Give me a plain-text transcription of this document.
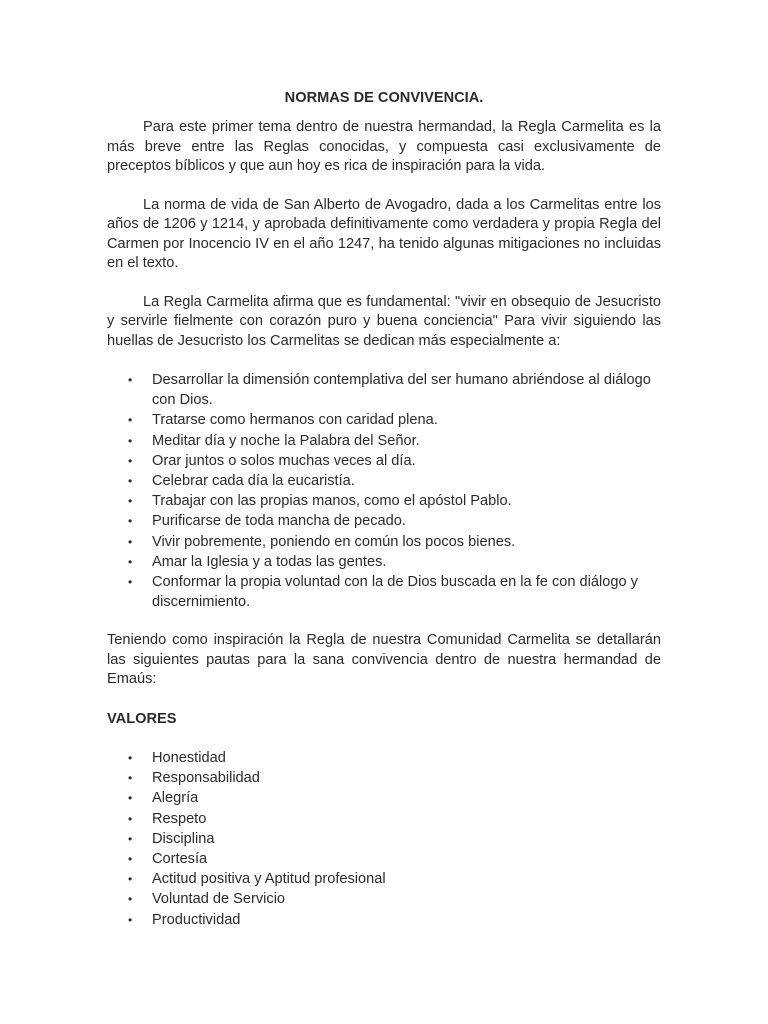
NORMAS DE CONVIVENCIA.

Para este primer tema dentro de nuestra hermandad, la Regla Carmelita es la más breve entre las Reglas conocidas, y compuesta casi exclusivamente de preceptos bíblicos y que aun hoy es rica de inspiración para la vida.

La norma de vida de San Alberto de Avogadro, dada a los Carmelitas entre los años de 1206 y 1214, y aprobada definitivamente como verdadera y propia Regla del Carmen por Inocencio IV en el año 1247, ha tenido algunas mitigaciones no incluidas en el texto.

La Regla Carmelita afirma que es fundamental: "vivir en obsequio de Jesucristo y servirle fielmente con corazón puro y buena conciencia" Para vivir siguiendo las huellas de Jesucristo los Carmelitas se dedican más especialmente a:

• Desarrollar la dimensión contemplativa del ser humano abriéndose al diálogo con Dios.
• Tratarse como hermanos con caridad plena.
• Meditar día y noche la Palabra del Señor.
• Orar juntos o solos muchas veces al día.
• Celebrar cada día la eucaristía.
• Trabajar con las propias manos, como el apóstol Pablo.
• Purificarse de toda mancha de pecado.
• Vivir pobremente, poniendo en común los pocos bienes.
• Amar la Iglesia y a todas las gentes.
• Conformar la propia voluntad con la de Dios buscada en la fe con diálogo y discernimiento.

Teniendo como inspiración la Regla de nuestra Comunidad Carmelita se detallarán las siguientes pautas para la sana convivencia dentro de nuestra hermandad de Emaús:

VALORES

• Honestidad
• Responsabilidad
• Alegría
• Respeto
• Disciplina
• Cortesía
• Actitud positiva y Aptitud profesional
• Voluntad de Servicio
• Productividad
